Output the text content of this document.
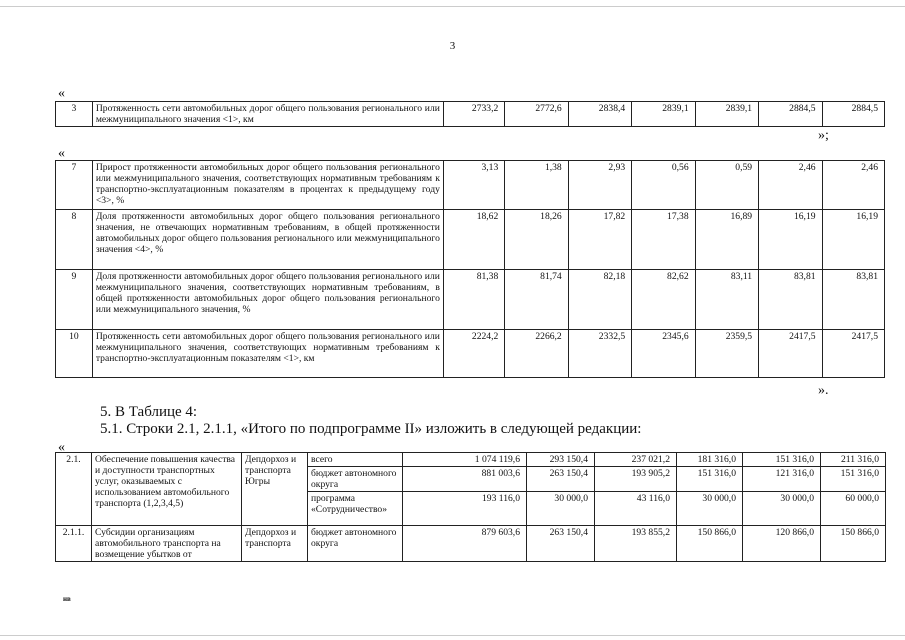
3
«
3	Протяженность сети автомобильных дорог общего пользования регионального или межмуниципального значения <1>, км	2733,2	2772,6	2838,4	2839,1	2839,1	2884,5	2884,5
»;
«
7	Прирост протяженности автомобильных дорог общего пользования регионального или межмуниципального значения, соответствующих нормативным требованиям к транспортно-эксплуатационным показателям в процентах к предыдущему году <3>, %	3,13	1,38	2,93	0,56	0,59	2,46	2,46
8	Доля протяженности автомобильных дорог общего пользования регионального значения, не отвечающих нормативным требованиям, в общей протяженности автомобильных дорог общего пользования регионального или межмуниципального значения <4>, %	18,62	18,26	17,82	17,38	16,89	16,19	16,19
9	Доля протяженности автомобильных дорог общего пользования регионального или межмуниципального значения, соответствующих нормативным требованиям, в общей протяженности автомобильных дорог общего пользования регионального или межмуниципального значения, %	81,38	81,74	82,18	82,62	83,11	83,81	83,81
10	Протяженность сети автомобильных дорог общего пользования регионального или межмуниципального значения, соответствующих нормативным требованиям к транспортно-эксплуатационным показателям <1>, км	2224,2	2266,2	2332,5	2345,6	2359,5	2417,5	2417,5
».
5. В Таблице 4:
5.1. Строки 2.1, 2.1.1, «Итого по подпрограмме II» изложить в следующей редакции:
«
2.1.	Обеспечение повышения качества и доступности транспортных услуг, оказываемых с использованием автомобильного транспорта (1,2,3,4,5)	Депдорхоз и транспорта Югры	всего	1 074 119,6	293 150,4	237 021,2	181 316,0	151 316,0	211 316,0
			бюджет автономного округа	881 003,6	263 150,4	193 905,2	151 316,0	121 316,0	151 316,0
			программа «Сотрудничество»	193 116,0	30 000,0	43 116,0	30 000,0	30 000,0	60 000,0
2.1.1.	Субсидии организациям автомобильного транспорта на возмещение убытков от	Депдорхоз и транспорта	бюджет автономного округа	879 603,6	263 150,4	193 855,2	150 866,0	120 866,0	150 866,0
нв
